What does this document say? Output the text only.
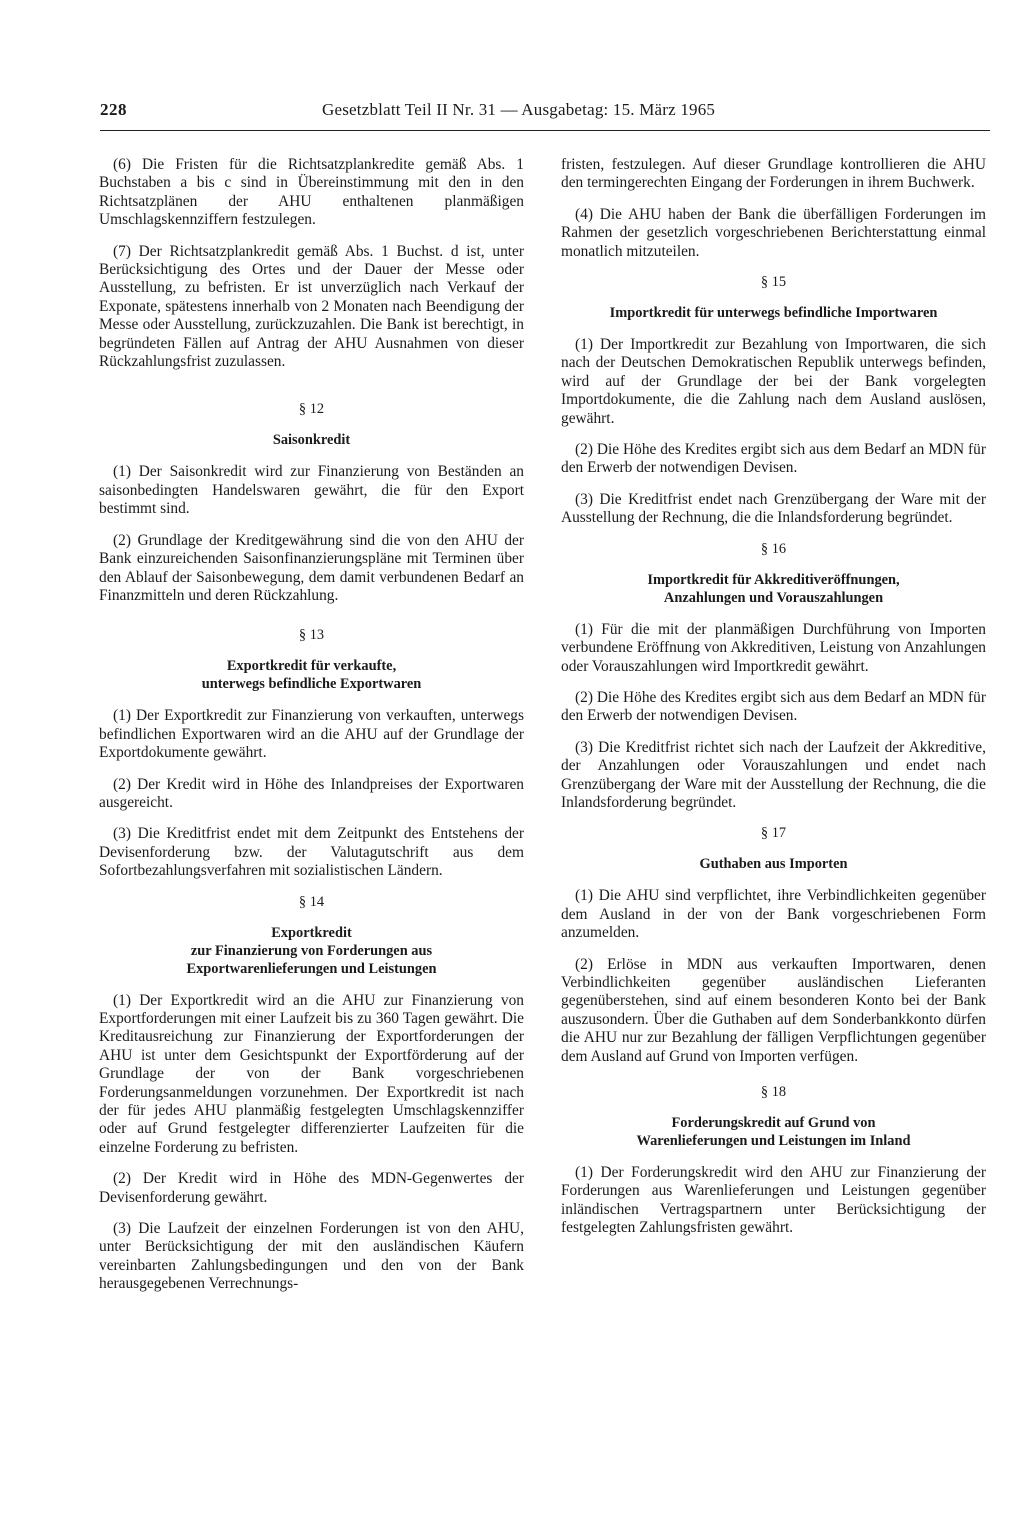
228	Gesetzblatt Teil II Nr. 31 — Ausgabetag: 15. März 1965

(6) Die Fristen für die Richtsatzplankredite gemäß Abs. 1 Buchstaben a bis c sind in Übereinstimmung mit den in den Richtsatzplänen der AHU enthaltenen planmäßigen Umschlagskennziffern festzulegen.

(7) Der Richtsatzplankredit gemäß Abs. 1 Buchst. d ist, unter Berücksichtigung des Ortes und der Dauer der Messe oder Ausstellung, zu befristen. Er ist unverzüglich nach Verkauf der Exponate, spätestens innerhalb von 2 Monaten nach Beendigung der Messe oder Ausstellung, zurückzuzahlen. Die Bank ist berechtigt, in begründeten Fällen auf Antrag der AHU Ausnahmen von dieser Rückzahlungsfrist zuzulassen.

§ 12
Saisonkredit

(1) Der Saisonkredit wird zur Finanzierung von Beständen an saisonbedingten Handelswaren gewährt, die für den Export bestimmt sind.

(2) Grundlage der Kreditgewährung sind die von den AHU der Bank einzureichenden Saisonfinanzierungspläne mit Terminen über den Ablauf der Saisonbewegung, dem damit verbundenen Bedarf an Finanzmitteln und deren Rückzahlung.

§ 13
Exportkredit für verkaufte,
unterwegs befindliche Exportwaren

(1) Der Exportkredit zur Finanzierung von verkauften, unterwegs befindlichen Exportwaren wird an die AHU auf der Grundlage der Exportdokumente gewährt.

(2) Der Kredit wird in Höhe des Inlandpreises der Exportwaren ausgereicht.

(3) Die Kreditfrist endet mit dem Zeitpunkt des Entstehens der Devisenforderung bzw. der Valutagutschrift aus dem Sofortbezahlungsverfahren mit sozialistischen Ländern.

§ 14
Exportkredit
zur Finanzierung von Forderungen aus
Exportwarenlieferungen und Leistungen

(1) Der Exportkredit wird an die AHU zur Finanzierung von Exportforderungen mit einer Laufzeit bis zu 360 Tagen gewährt. Die Kreditausreichung zur Finanzierung der Exportforderungen der AHU ist unter dem Gesichtspunkt der Exportförderung auf der Grundlage der von der Bank vorgeschriebenen Forderungsanmeldungen vorzunehmen. Der Exportkredit ist nach der für jedes AHU planmäßig festgelegten Umschlagskennziffer oder auf Grund festgelegter differenzierter Laufzeiten für die einzelne Forderung zu befristen.

(2) Der Kredit wird in Höhe des MDN-Gegenwertes der Devisenforderung gewährt.

(3) Die Laufzeit der einzelnen Forderungen ist von den AHU, unter Berücksichtigung der mit den ausländischen Käufern vereinbarten Zahlungsbedingungen und den von der Bank herausgegebenen Verrechnungs-

fristen, festzulegen. Auf dieser Grundlage kontrollieren die AHU den termingerechten Eingang der Forderungen in ihrem Buchwerk.

(4) Die AHU haben der Bank die überfälligen Forderungen im Rahmen der gesetzlich vorgeschriebenen Berichterstattung einmal monatlich mitzuteilen.

§ 15
Importkredit für unterwegs befindliche Importwaren

(1) Der Importkredit zur Bezahlung von Importwaren, die sich nach der Deutschen Demokratischen Republik unterwegs befinden, wird auf der Grundlage der bei der Bank vorgelegten Importdokumente, die die Zahlung nach dem Ausland auslösen, gewährt.

(2) Die Höhe des Kredites ergibt sich aus dem Bedarf an MDN für den Erwerb der notwendigen Devisen.

(3) Die Kreditfrist endet nach Grenzübergang der Ware mit der Ausstellung der Rechnung, die die Inlandsforderung begründet.

§ 16
Importkredit für Akkreditiveröffnungen,
Anzahlungen und Vorauszahlungen

(1) Für die mit der planmäßigen Durchführung von Importen verbundene Eröffnung von Akkreditiven, Leistung von Anzahlungen oder Vorauszahlungen wird Importkredit gewährt.

(2) Die Höhe des Kredites ergibt sich aus dem Bedarf an MDN für den Erwerb der notwendigen Devisen.

(3) Die Kreditfrist richtet sich nach der Laufzeit der Akkreditive, der Anzahlungen oder Vorauszahlungen und endet nach Grenzübergang der Ware mit der Ausstellung der Rechnung, die die Inlandsforderung begründet.

§ 17
Guthaben aus Importen

(1) Die AHU sind verpflichtet, ihre Verbindlichkeiten gegenüber dem Ausland in der von der Bank vorgeschriebenen Form anzumelden.

(2) Erlöse in MDN aus verkauften Importwaren, denen Verbindlichkeiten gegenüber ausländischen Lieferanten gegenüberstehen, sind auf einem besonderen Konto bei der Bank auszusondern. Über die Guthaben auf dem Sonderbankkonto dürfen die AHU nur zur Bezahlung der fälligen Verpflichtungen gegenüber dem Ausland auf Grund von Importen verfügen.

§ 18
Forderungskredit auf Grund von
Warenlieferungen und Leistungen im Inland

(1) Der Forderungskredit wird den AHU zur Finanzierung der Forderungen aus Warenlieferungen und Leistungen gegenüber inländischen Vertragspartnern unter Berücksichtigung der festgelegten Zahlungsfristen gewährt.
